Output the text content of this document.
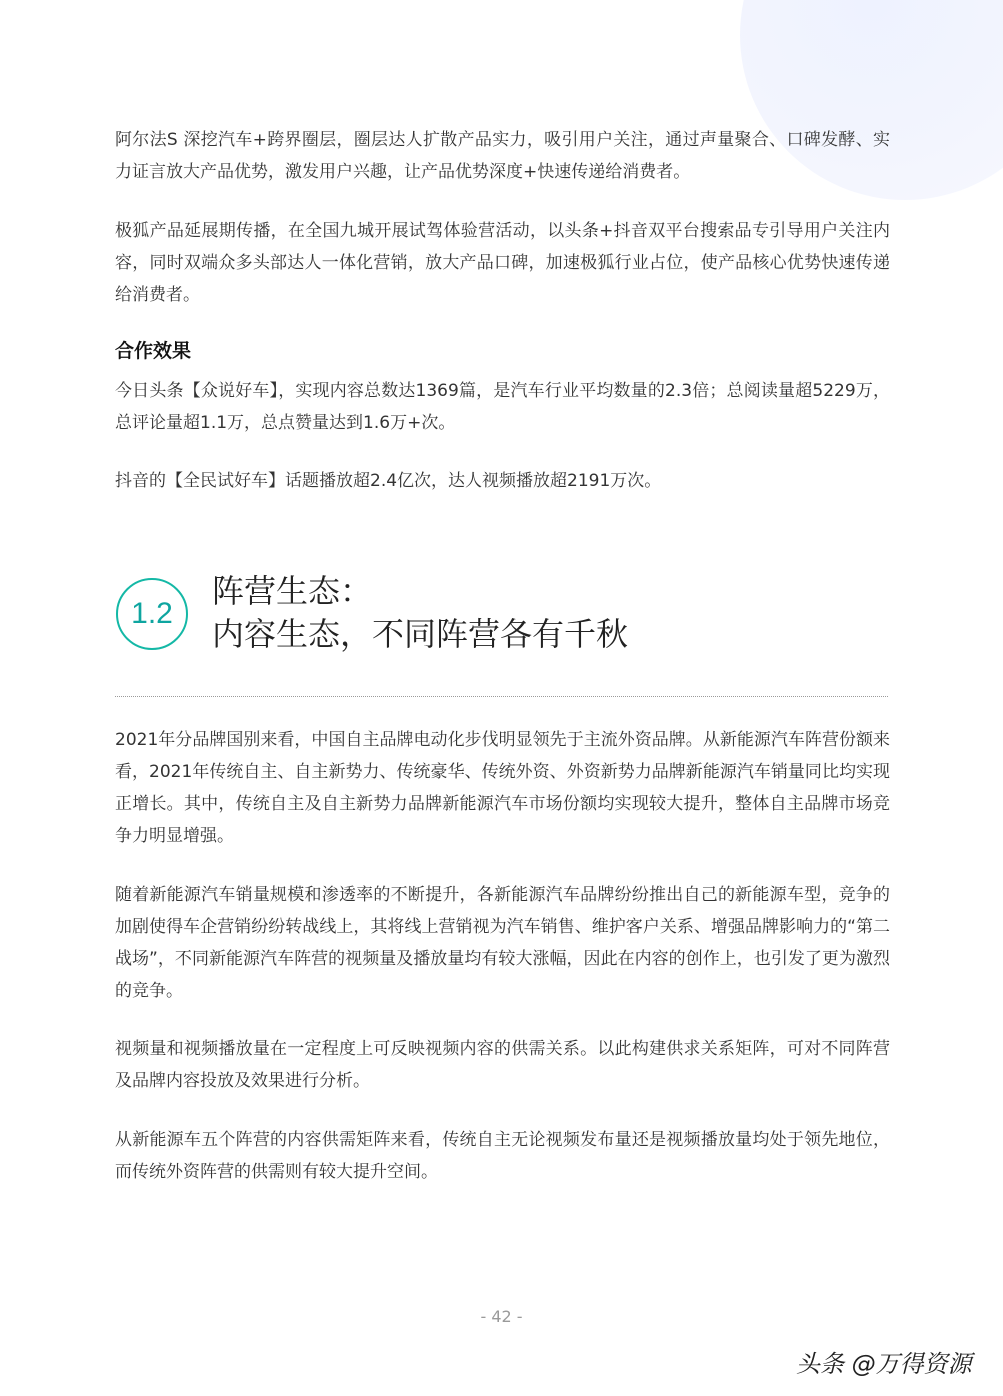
阿尔法S 深挖汽车+跨界圈层，圈层达人扩散产品实力，吸引用户关注，通过声量聚合、口碑发酵、实力证言放大产品优势，激发用户兴趣，让产品优势深度+快速传递给消费者。

极狐产品延展期传播，在全国九城开展试驾体验营活动，以头条+抖音双平台搜索品专引导用户关注内容，同时双端众多头部达人一体化营销，放大产品口碑，加速极狐行业占位，使产品核心优势快速传递给消费者。

合作效果

今日头条【众说好车】，实现内容总数达1369篇，是汽车行业平均数量的2.3倍；总阅读量超5229万，总评论量超1.1万，总点赞量达到1.6万+次。

抖音的【全民试好车】话题播放超2.4亿次，达人视频播放超2191万次。

1.2
阵营生态：
内容生态，不同阵营各有千秋

2021年分品牌国别来看，中国自主品牌电动化步伐明显领先于主流外资品牌。从新能源汽车阵营份额来看，2021年传统自主、自主新势力、传统豪华、传统外资、外资新势力品牌新能源汽车销量同比均实现正增长。其中，传统自主及自主新势力品牌新能源汽车市场份额均实现较大提升，整体自主品牌市场竞争力明显增强。

随着新能源汽车销量规模和渗透率的不断提升，各新能源汽车品牌纷纷推出自己的新能源车型，竞争的加剧使得车企营销纷纷转战线上，其将线上营销视为汽车销售、维护客户关系、增强品牌影响力的“第二战场”，不同新能源汽车阵营的视频量及播放量均有较大涨幅，因此在内容的创作上，也引发了更为激烈的竞争。

视频量和视频播放量在一定程度上可反映视频内容的供需关系。以此构建供求关系矩阵，可对不同阵营及品牌内容投放及效果进行分析。

从新能源车五个阵营的内容供需矩阵来看，传统自主无论视频发布量还是视频播放量均处于领先地位，而传统外资阵营的供需则有较大提升空间。

- 42 -
头条 @万得资源
